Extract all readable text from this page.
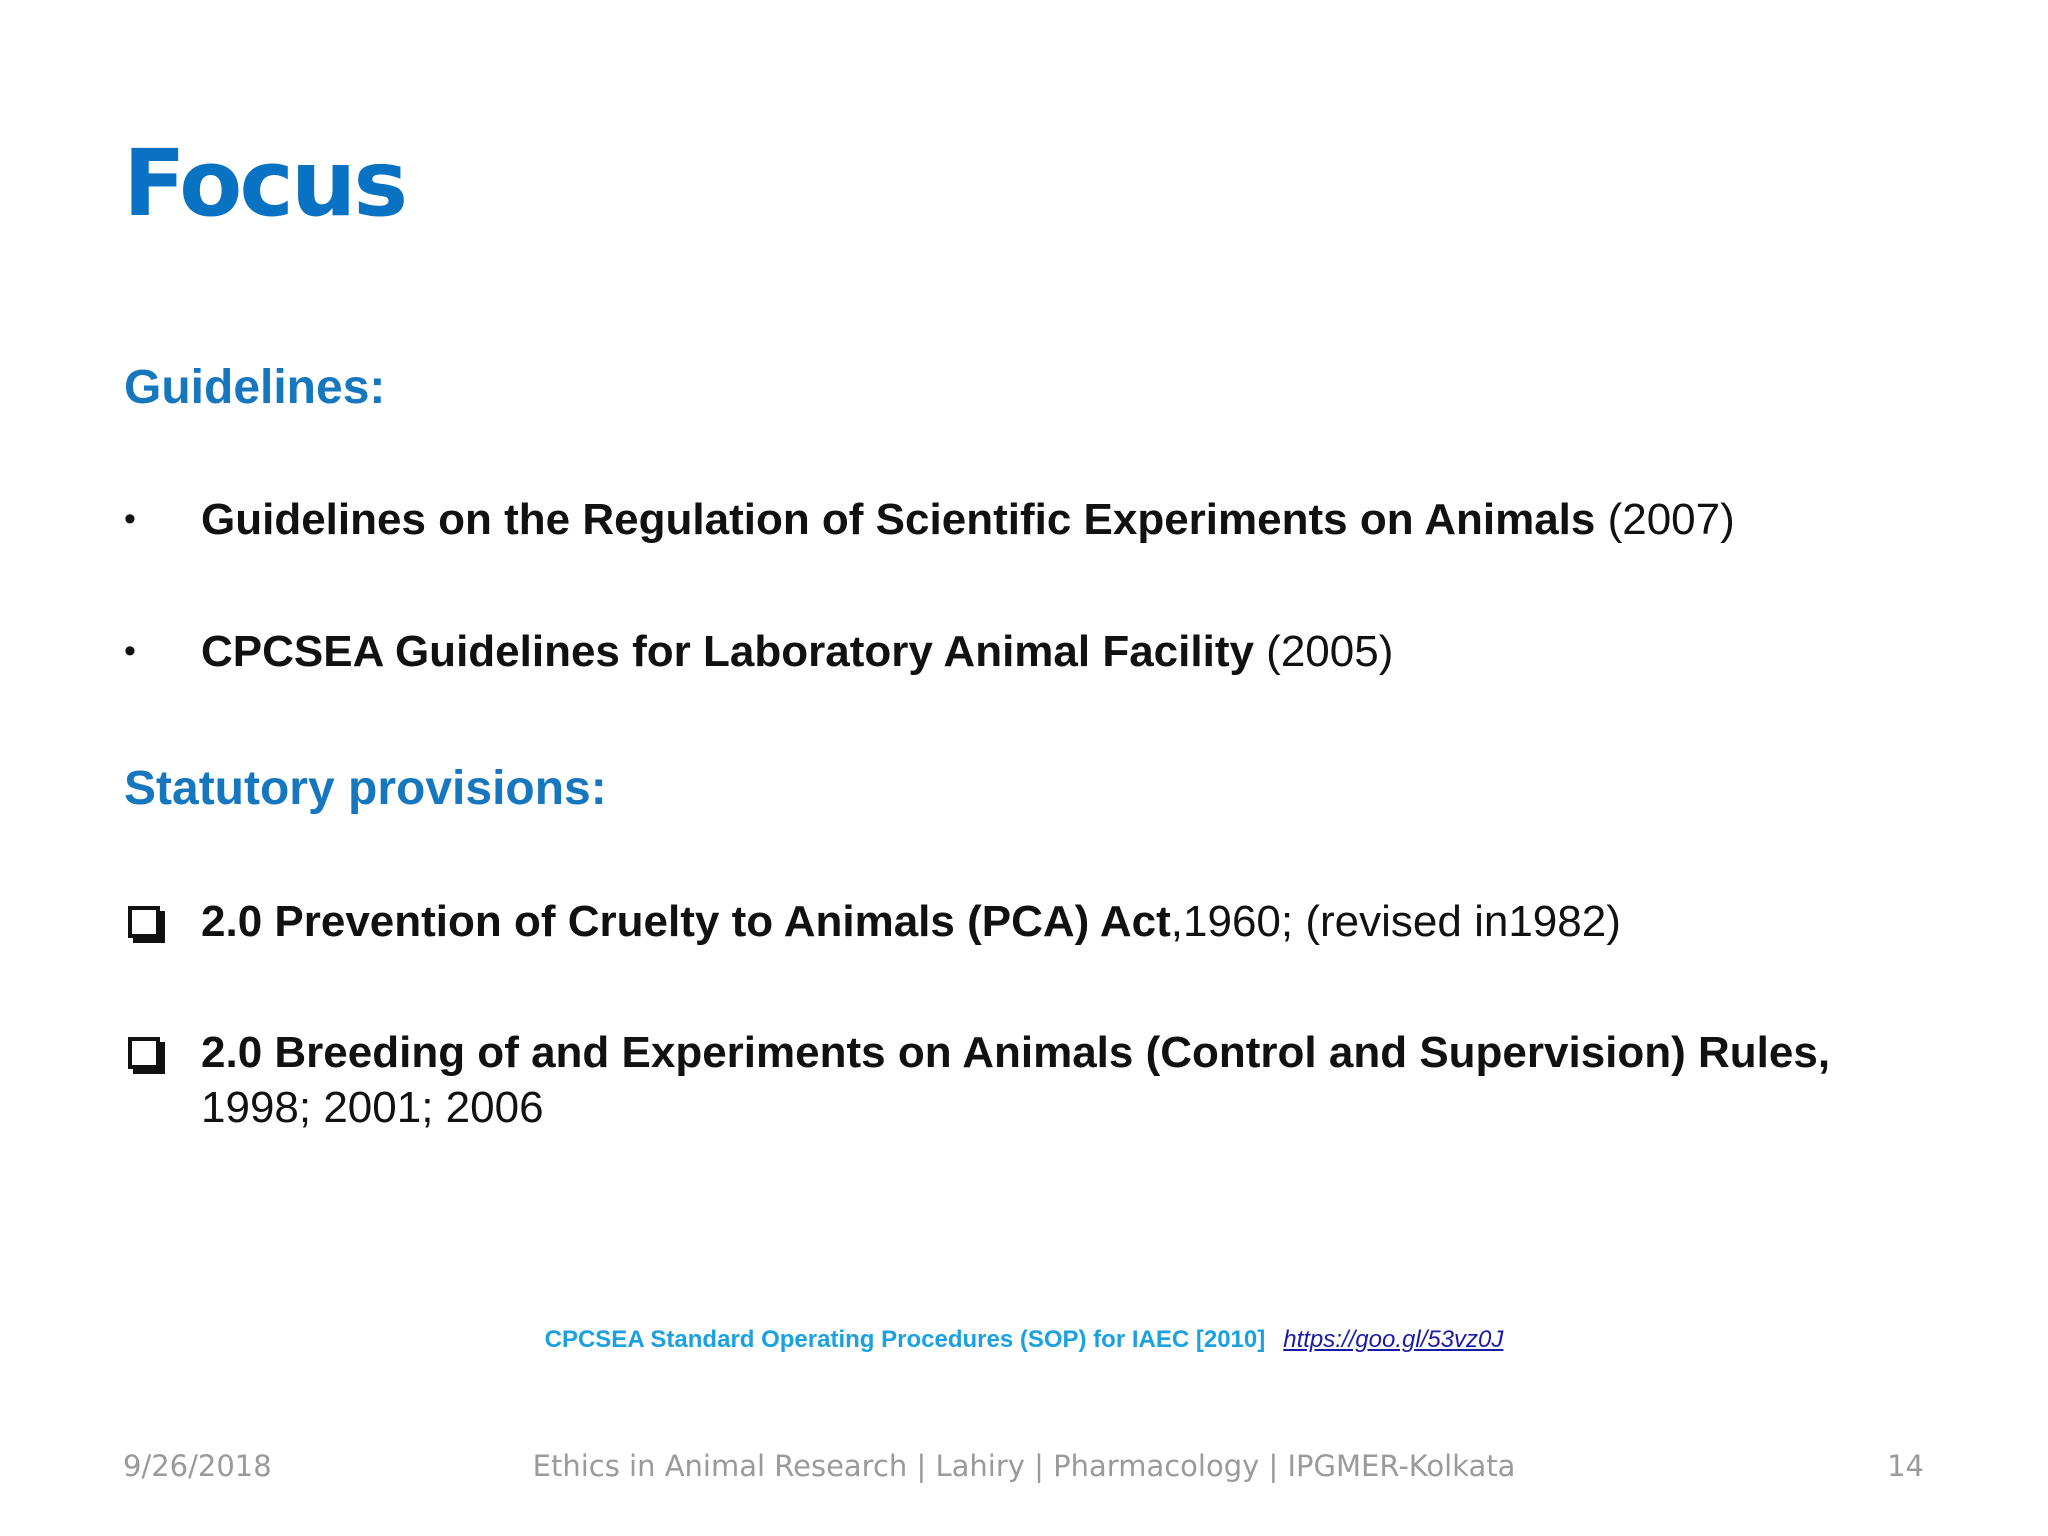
Focus
Guidelines:
• Guidelines on the Regulation of Scientific Experiments on Animals (2007)
• CPCSEA Guidelines for Laboratory Animal Facility (2005)
Statutory provisions:
2.0 Prevention of Cruelty to Animals (PCA) Act,1960; (revised in1982)
2.0 Breeding of and Experiments on Animals (Control and Supervision) Rules,
1998; 2001; 2006
CPCSEA Standard Operating Procedures (SOP) for IAEC [2010] https://goo.gl/53vz0J
9/26/2018	Ethics in Animal Research | Lahiry | Pharmacology | IPGMER-Kolkata	14
